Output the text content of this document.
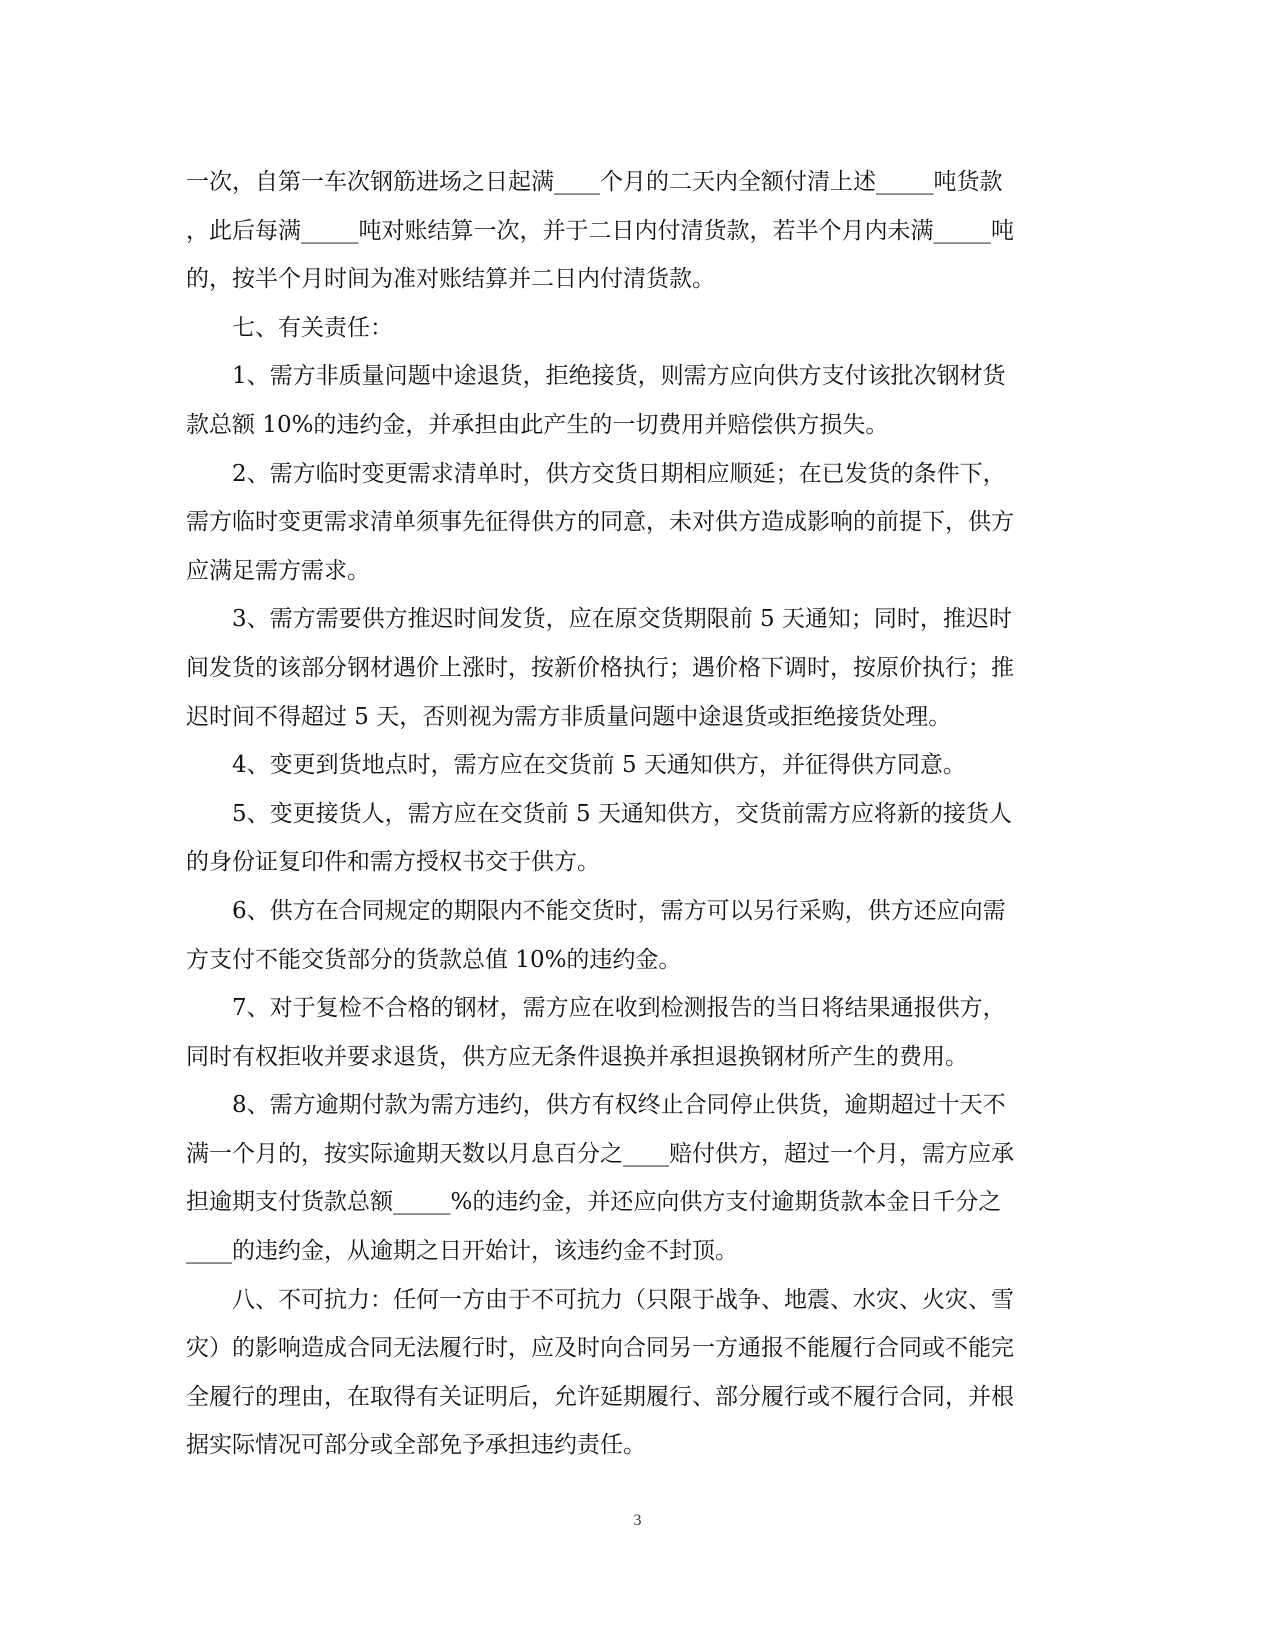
一次，自第一车次钢筋进场之日起满____个月的二天内全额付清上述_____吨货款
，此后每满_____吨对账结算一次，并于二日内付清货款，若半个月内未满_____吨
的，按半个月时间为准对账结算并二日内付清货款。
七、有关责任：
1、需方非质量问题中途退货，拒绝接货，则需方应向供方支付该批次钢材货
款总额 10%的违约金，并承担由此产生的一切费用并赔偿供方损失。
2、需方临时变更需求清单时，供方交货日期相应顺延；在已发货的条件下，
需方临时变更需求清单须事先征得供方的同意，未对供方造成影响的前提下，供方
应满足需方需求。
3、需方需要供方推迟时间发货，应在原交货期限前 5 天通知；同时，推迟时
间发货的该部分钢材遇价上涨时，按新价格执行；遇价格下调时，按原价执行；推
迟时间不得超过 5 天，否则视为需方非质量问题中途退货或拒绝接货处理。
4、变更到货地点时，需方应在交货前 5 天通知供方，并征得供方同意。
5、变更接货人，需方应在交货前 5 天通知供方，交货前需方应将新的接货人
的身份证复印件和需方授权书交于供方。
6、供方在合同规定的期限内不能交货时，需方可以另行采购，供方还应向需
方支付不能交货部分的货款总值 10%的违约金。
7、对于复检不合格的钢材，需方应在收到检测报告的当日将结果通报供方，
同时有权拒收并要求退货，供方应无条件退换并承担退换钢材所产生的费用。
8、需方逾期付款为需方违约，供方有权终止合同停止供货，逾期超过十天不
满一个月的，按实际逾期天数以月息百分之____赔付供方，超过一个月，需方应承
担逾期支付货款总额_____%的违约金，并还应向供方支付逾期货款本金日千分之
____的违约金，从逾期之日开始计，该违约金不封顶。
八、不可抗力：任何一方由于不可抗力（只限于战争、地震、水灾、火灾、雪
灾）的影响造成合同无法履行时，应及时向合同另一方通报不能履行合同或不能完
全履行的理由，在取得有关证明后，允许延期履行、部分履行或不履行合同，并根
据实际情况可部分或全部免予承担违约责任。
3
